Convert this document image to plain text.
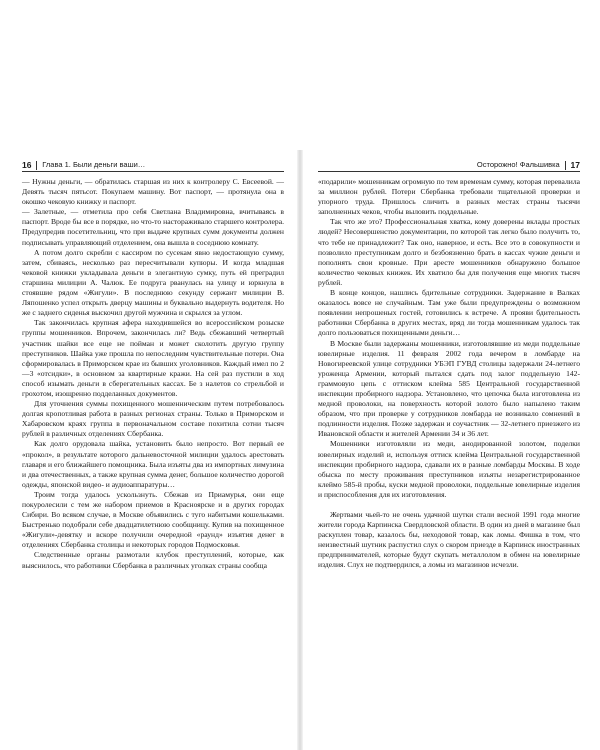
16 Глава 1. Были деньги ваши…

— Нужны деньги, — обратилась старшая из них к контролеру С. Евсеевой. — Девять тысяч пятьсот. Покупаем машину. Вот паспорт, — протянула она в окошко чековую книжку и паспорт.

— Залетные, — отметила про себя Светлана Владимировна, вчитываясь в паспорт. Вроде бы все в порядке, но что-то настораживало старшего контролера. Предупредив посетительниц, что при выдаче крупных сумм документы должен подписывать управляющий отделением, она вышла в соседнюю комнату.

А потом долго скребли с кассиром по сусекам явно недостающую сумму, затем, сбиваясь, несколько раз пересчитывали купюры. И когда младшая чековой книжки укладывала деньги в элегантную сумку, путь ей преградил старшина милиции А. Чалюк. Ее подруга рванулась на улицу и юркнула в стоявшие рядом «Жигули». В последнюю секунду сержант милиции В. Ляпошенко успел открыть дверцу машины и буквально выдернуть водителя. Но же с заднего сиденья выскочил другой мужчина и скрылся за углом.

Так закончилась крупная афера находившейся во всероссийском розыске группы мошенников. Впрочем, закончилась ли? Ведь сбежавший четвертый участник шайки все еще не пойман и может сколотить другую группу преступников. Шайка уже прошла по непоследним чувствительные потери. Она сформировалась в Приморском крае из бывших уголовников. Каждый имел по 2—3 «отсидки», в основном за квартирные кражи. На сей раз пустили в ход способ изымать деньги в сберегательных кассах. Бе з налетов со стрельбой и грохотом, изощренно подделанных документов.

Для уточнения суммы похищенного мошенническим путем потребовалось долгая кропотливая работа в разных регионах страны. Только в Приморском и Хабаровском краях группа в первоначальном составе похитила сотни тысяч рублей в различных отделениях Сбербанка.

Как долго орудовала шайка, установить было непросто. Вот первый ее «прокол», в результате которого дальневосточной милиции удалось арестовать главаря и его ближайшего помощника. Была изъяты два из импортных лимузина и два отечественных, а также крупная сумма денег, большое количество дорогой одежды, японской видео- и аудиоаппаратуры…

Троим тогда удалось ускользнуть. Сбежав из Приамурья, они еще покуролесили с тем же набором приемов в Красноярске и в других городах Сибири. Во всяком случае, в Москве объявились с туго набитыми кошельками. Быстренько подобрали себе двадцатилетнюю сообщницу. Купив на похищенное «Жигули»-девятку и вскоре получили очередной «раунд» изъятия денег в отделениях Сбербанка столицы и некоторых городов Подмосковья.

Следственные органы размотали клубок преступлений, которые, как выяснилось, что работники Сбербанка в различных уголках страны сообща

Осторожно! Фальшивка 17

«подарили» мошенникам огромную по тем временам сумму, которая перевалила за миллион рублей. Потери Сбербанка требовали тщательной проверки и упорного труда. Пришлось сличить в разных местах страны тысячи заполненных чеков, чтобы выловить поддельные.

Так что же это? Профессиональная хватка, кому доверены вклады простых людей? Несовершенство документации, по которой так легко было получить то, что тебе не принадлежит? Так оно, наверное, и есть. Все это в совокупности и позволило преступникам долго и безбоязненно брать в кассах чужие деньги и пополнять свои кровные. При аресте мошенников обнаружено большое количество чековых книжек. Их хватило бы для получения еще многих тысяч рублей.

В конце концов, нашлись бдительные сотрудники. Задержание в Валках оказалось вовсе не случайным. Там уже были предупреждены о возможном появлении непрошеных гостей, готовились к встрече. А прояви бдительность работники Сбербанка в других местах, вряд ли тогда мошенникам удалось так долго пользоваться похищенными деньги…

В Москве были задержаны мошенники, изготовлявшие из меди поддельные ювелирные изделия. 11 февраля 2002 года вечером в ломбарде на Новогиреевской улице сотрудники УБЭП ГУВД столицы задержали 24-летнего уроженца Армении, который пытался сдать под залог поддельную 142-граммовую цепь с оттиском клейма 585 Центральной государственной инспекции пробирного надзора. Установлено, что цепочка была изготовлена из медной проволоки, на поверхность которой золото было напылено таким образом, что при проверке у сотрудников ломбарда не возникало сомнений в подлинности изделия. Позже задержан и соучастник — 32-летнего приезжего из Ивановской области и жителей Армении 34 и 36 лет.

Мошенники изготовляли из меди, анодированной золотом, поделки ювелирных изделий и, используя оттиск клейма Центральной государственной инспекции пробирного надзора, сдавали их в разные ломбарды Москвы. В ходе обыска по месту проживания преступников изъяты незарегистрированное клеймо 585-й пробы, куски медной проволоки, поддельные ювелирные изделия и приспособления для их изготовления.

Жертвами чьей-то не очень удачной шутки стали весной 1991 года многие жители города Карпинска Свердловской области. В один из дней в магазине был раскуплен товар, казалось бы, неходовой товар, как ломы. Фишка в том, что неизвестный шутник распустил слух о скором приезде в Карпинск иностранных предпринимателей, которые будут скупать металлолом в обмен на ювелирные изделия. Слух не подтвердился, а ломы из магазинов исчезли.
